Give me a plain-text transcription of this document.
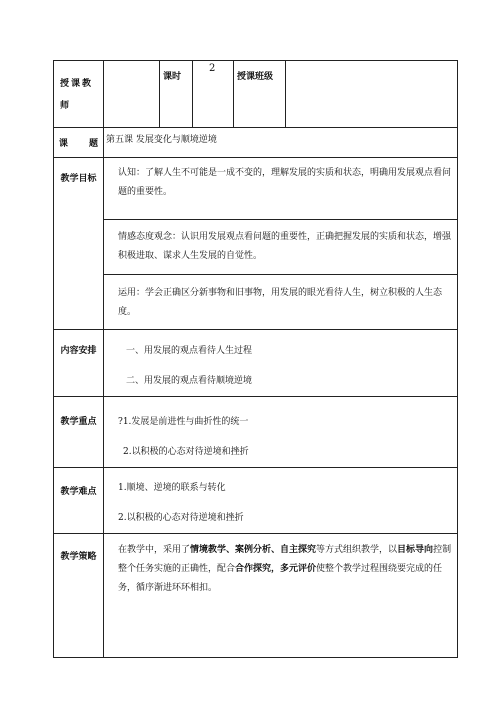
授课教师		课时	2	授课班级	

课 题	第五课 发展变化与顺境逆境				

教学目标	认知：了解人生不可能是一成不变的，理解发展的实质和状态，明确用发展观点看问题的重要性。				

	情感态度观念：认识用发展观点看问题的重要性，正确把握发展的实质和状态，增强积极进取、谋求人生发展的自觉性。				

	运用：学会正确区分新事物和旧事物，用发展的眼光看待人生，树立积极的人生态度。				

内容安排	一、用发展的观点看待人生过程
二、用发展的观点看待顺境逆境				

教学重点	?1.发展是前进性与曲折性的统一
2.以积极的心态对待逆境和挫折				

教学难点	1.顺境、逆境的联系与转化
2.以积极的心态对待逆境和挫折				

教学策略	在教学中，采用了情境教学、案例分析、自主探究等方式组织教学，以目标导向控制整个任务实施的正确性，配合合作探究，多元评价使整个教学过程围绕要完成的任务，循序渐进环环相扣。				
